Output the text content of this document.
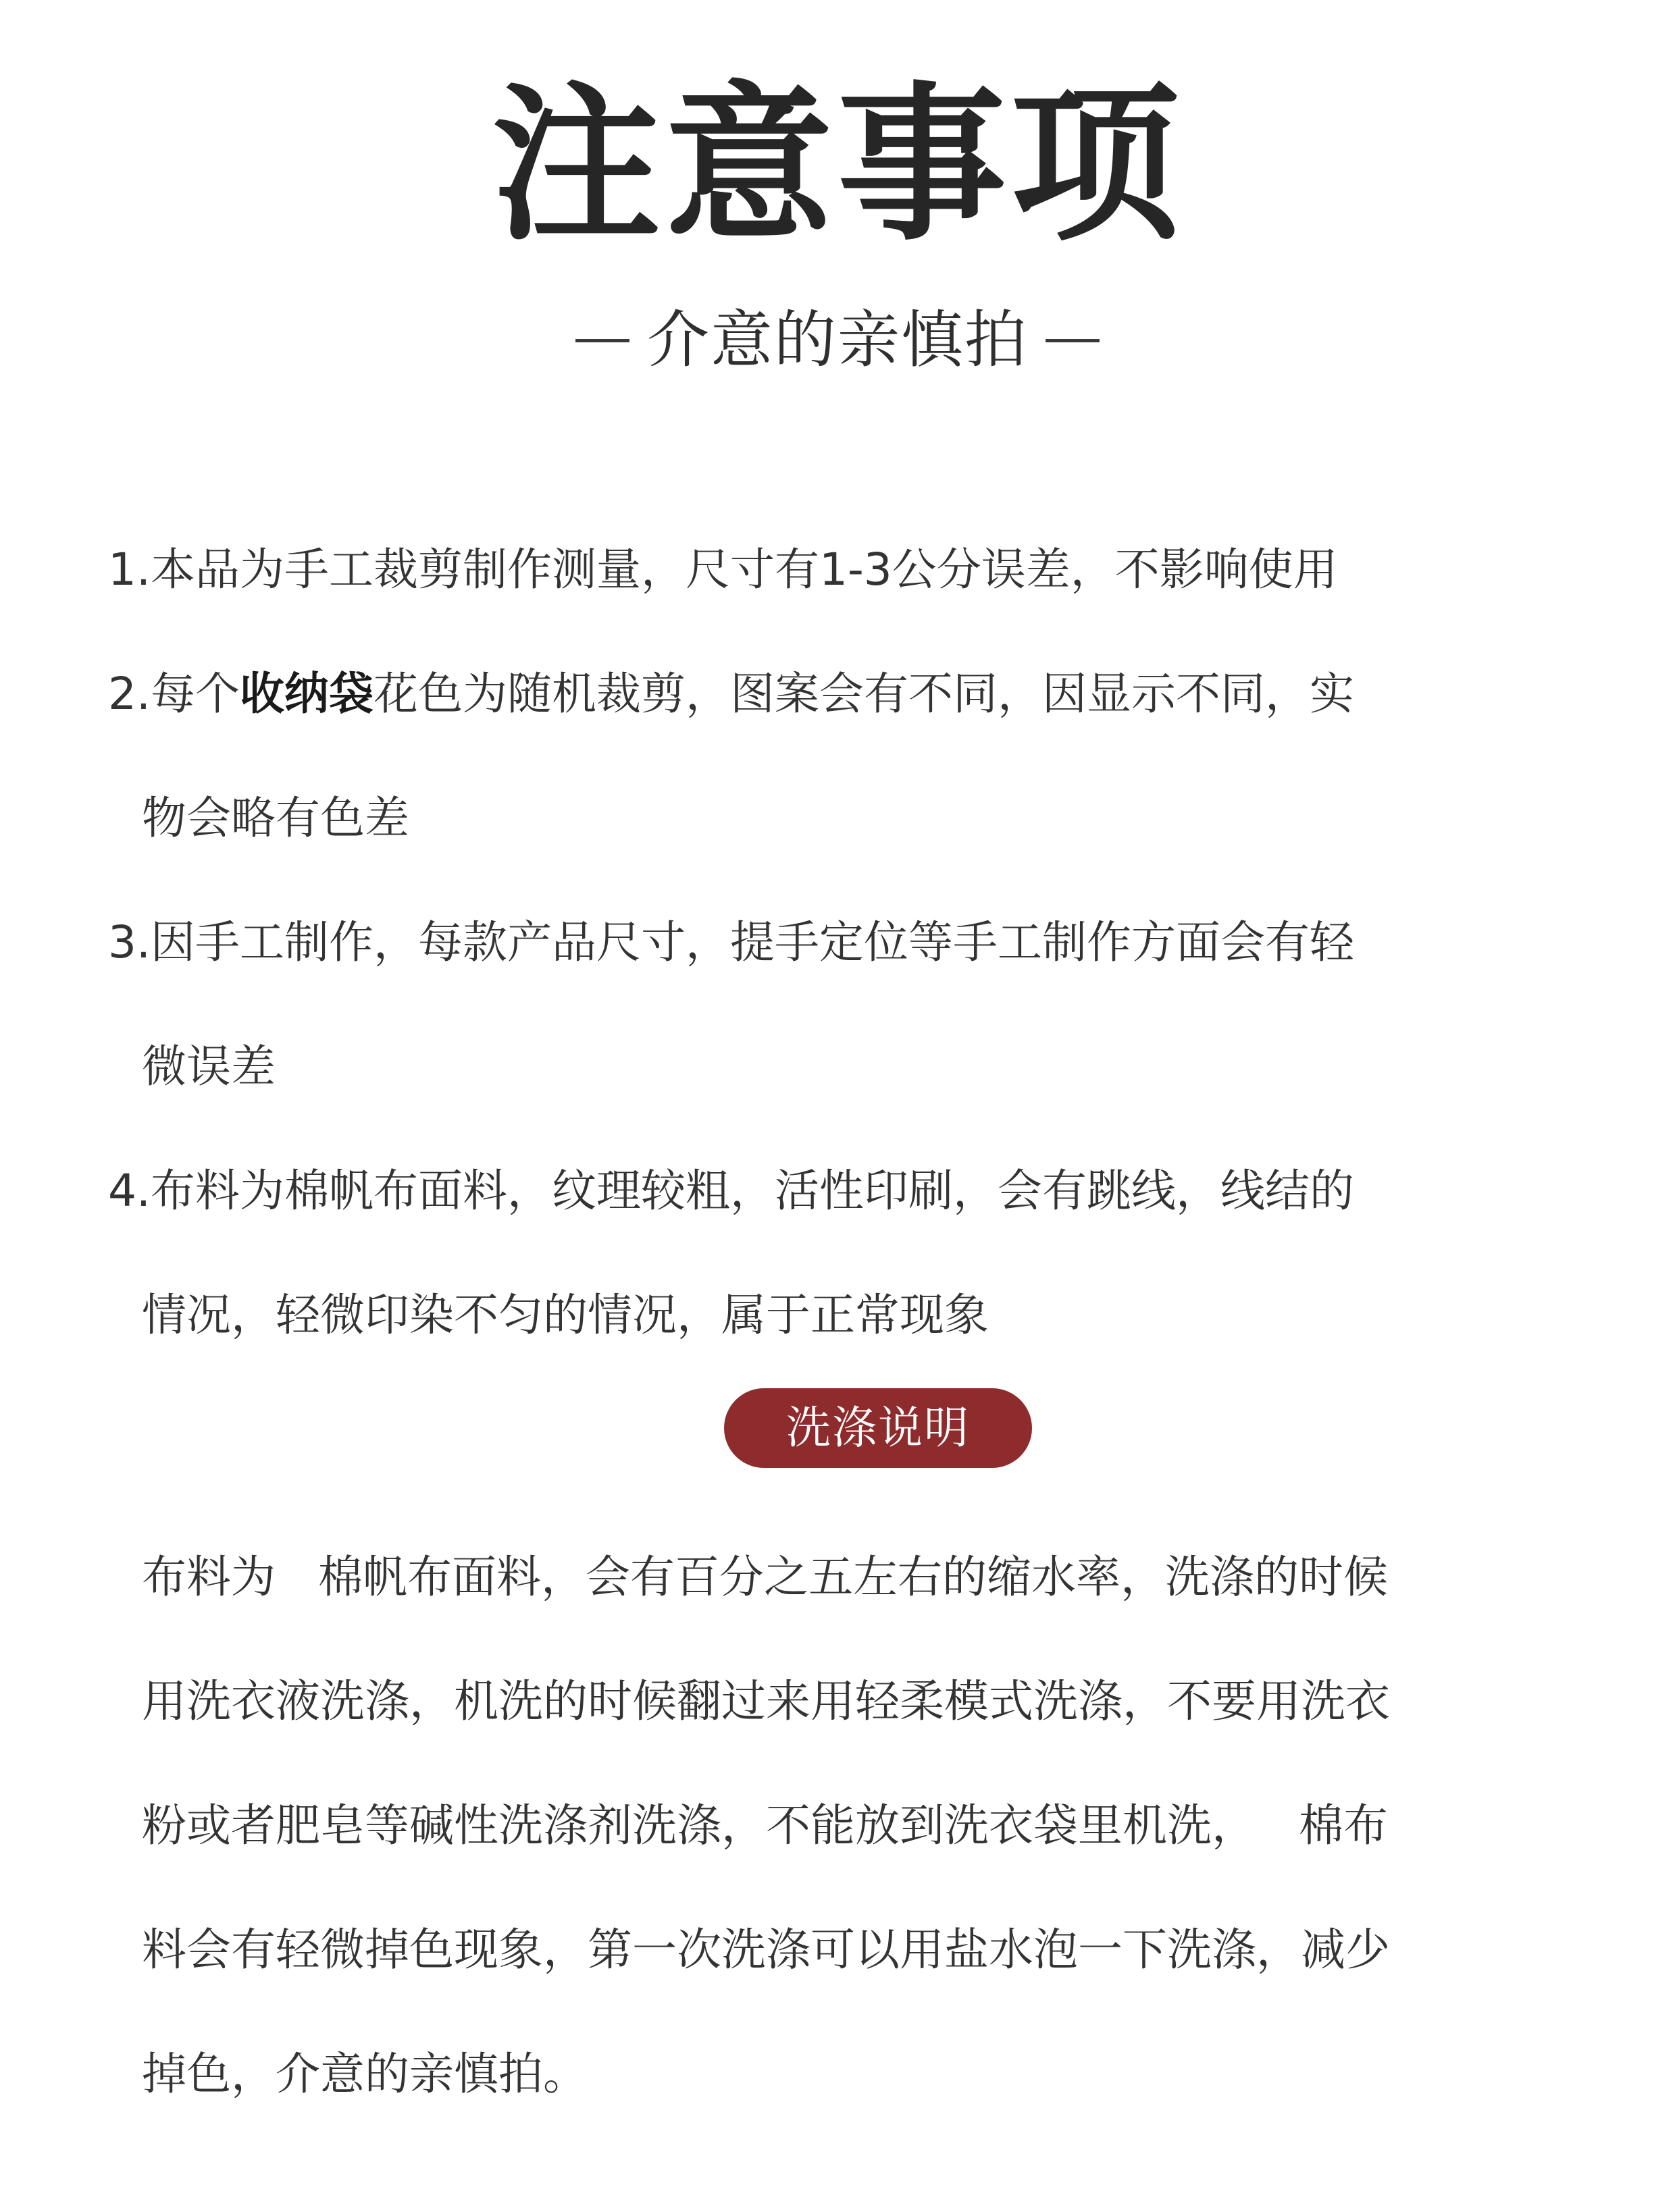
注意事项
介意的亲慎拍
1.本品为手工裁剪制作测量，尺寸有1-3公分误差，不影响使用
2.每个收纳袋花色为随机裁剪，图案会有不同，因显示不同，实
物会略有色差
3.因手工制作，每款产品尺寸，提手定位等手工制作方面会有轻
微误差
4.布料为棉帆布面料，纹理较粗，活性印刷，会有跳线，线结的
情况，轻微印染不匀的情况，属于正常现象
洗涤说明
布料为   棉帆布面料，会有百分之五左右的缩水率，洗涤的时候
用洗衣液洗涤，机洗的时候翻过来用轻柔模式洗涤，不要用洗衣
粉或者肥皂等碱性洗涤剂洗涤，不能放到洗衣袋里机洗，   棉布
料会有轻微掉色现象，第一次洗涤可以用盐水泡一下洗涤，减少
掉色，介意的亲慎拍。
